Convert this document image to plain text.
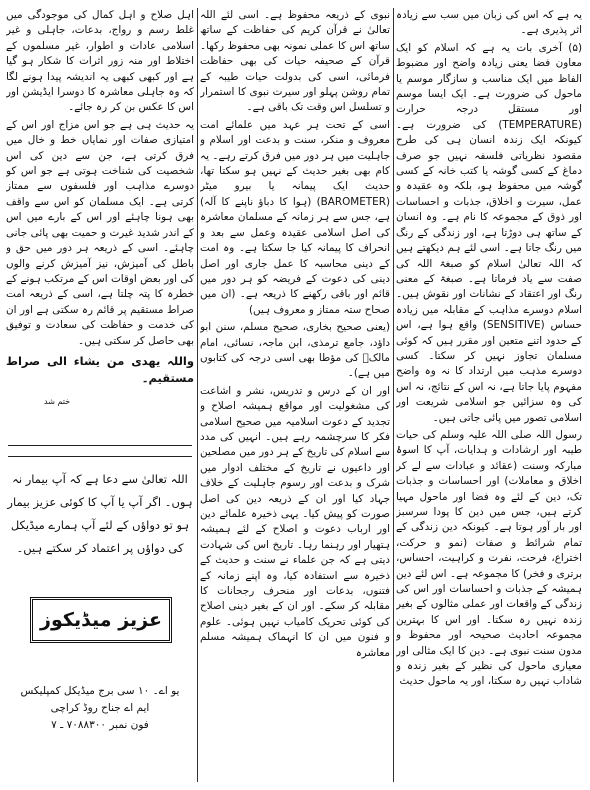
یہ ہے کہ اس کی زبان میں سب سے زیادہ اثر پذیری ہے۔

(۵) آخری بات یہ ہے کہ اسلام کو ایک معاون فضا یعنی زیادہ واضح اور مضبوط الفاظ میں ایک مناسب و سازگار موسم یا ماحول کی ضرورت ہے۔ ایک ایسا موسم اور مستقل درجہ حرارت (TEMPERATURE) کی ضرورت ہے۔ کیونکہ ایک زندہ انسان ہی کی طرح مقصود نظریاتی فلسفہ نہیں جو صرف دماغ کے کسی گوشہ یا کتب خانہ کے کسی گوشہ میں محفوظ ہو، بلکہ وہ عقیدہ و عمل، سیرت و اخلاق، جذبات و احساسات اور ذوق کے مجموعہ کا نام ہے۔ وہ انسان کے ساتھ ہی دوڑتا ہے، اور زندگی کے رنگ میں رنگ جاتا ہے۔ اسی لئے ہم دیکھتے ہیں کہ اللہ تعالیٰ اسلام کو صبغۃ اللہ کی صفت سے یاد فرماتا ہے۔ صبغۃ کے معنی رنگ اور اعتقاد کے نشانات اور نقوش ہیں۔ اسلام دوسرے مذاہب کے مقابلہ میں زیادہ حساس (SENSITIVE) واقع ہوا ہے، اس کے حدود اتنے متعین اور مقرر ہیں کہ کوئی مسلمان تجاوز نہیں کر سکتا۔ کسی دوسرے مذہب میں ارتداد کا نہ وہ واضح مفہوم پایا جاتا ہے، نہ اس کے نتائج، نہ اس کی وہ سزائیں جو اسلامی شریعت اور اسلامی تصور میں پائی جاتی ہیں۔

رسول اللہ صلی اللہ علیہ وسلم کی حیات طیبہ اور ارشادات و ہدایات، آپ کا اسوۂ مبارکہ وسنت (عقائد و عبادات سے لے کر اخلاق و معاملات) اور احساسات و جذبات تک، دین کے لئے وہ فضا اور ماحول مہیا کرتے ہیں، جس میں دین کا پودا سرسبز اور بار آور ہوتا ہے۔ کیونکہ دین زندگی کے تمام شرائط و صفات (نمو و حرکت، اختراع، فرحت، نفرت و کراہیت، احساس، برتری و فخر) کا مجموعہ ہے۔ اس لئے دین ہمیشہ کے جذبات و احساسات اور اس کی زندگی کے واقعات اور عملی مثالوں کے بغیر زندہ نہیں رہ سکتا۔ اور اس کا بہترین مجموعہ احادیث صحیحہ اور محفوظ و مدون سنت نبوی ہے۔ دین کا ایک مثالی اور معیاری ماحول کی نظیر کے بغیر زندہ و شاداب نہیں رہ سکتا، اور یہ ماحول حدیث

نبوی کے ذریعہ محفوظ ہے۔ اسی لئے اللہ تعالیٰ نے قرآن کریم کی حفاظت کے ساتھ ساتھ اس کا عملی نمونہ بھی محفوظ رکھا۔ قرآن کے صحیفہ حیات کی بھی حفاظت فرمائی، اسی کی بدولت حیات طیبہ کے تمام روشن پہلو اور سیرت نبوی کا استمرار و تسلسل اس وقت تک باقی ہے۔

اسی کے تحت ہر عہد میں علمائے امت معروف و منکر، سنت و بدعت اور اسلام و جاہلیت میں ہر دور میں فرق کرتے رہے۔ یہ کام بھی بغیر حدیث کے نہیں ہو سکتا تھا، حدیث ایک پیمانہ یا بیرو میٹر (BAROMETER) (ہوا کا دباؤ ناپنے کا آلہ) ہے، جس سے ہر زمانہ کے مسلمان معاشرہ کی اصل اسلامی عقیدہ وعمل سے بعد و انحراف کا پیمانہ کیا جا سکتا ہے۔ وہ امت کے دینی محاسبہ کا عمل جاری اور اصل دینی کی دعوت کے فریضہ کو ہر دور میں قائم اور باقی رکھنے کا ذریعہ ہے۔ (ان میں صحاح ستہ ممتاز و معروف ہیں)

(یعنی صحیح بخاری، صحیح مسلم، سنن ابو داؤد، جامع ترمذی، ابن ماجہ، نسائی، امام مالکؒ کی مؤطا بھی اسی درجہ کی کتابوں میں ہے)۔

اور ان کے درس و تدریس، نشر و اشاعت کی مشغولیت اور مواقع ہمیشہ اصلاح و تجدید کے دعوت اسلامیہ میں صحیح اسلامی فکر کا سرچشمہ رہے ہیں۔ انہیں کی مدد سے اسلام کی تاریخ کے ہر دور میں مصلحین اور داعیوں نے تاریخ کے مختلف ادوار میں شرک و بدعت اور رسوم جاہلیت کے خلاف جہاد کیا اور ان کے ذریعہ دین کی اصل صورت کو پیش کیا۔ یہی ذخیرہ علمائے دین اور ارباب دعوت و اصلاح کے لئے ہمیشہ ہتھیار اور رہنما رہا۔ تاریخ اس کی شہادت دیتی ہے کہ جن علماء نے سنت و حدیث کے ذخیرہ سے استفادہ کیا، وہ اپنے زمانہ کے فتنوں، بدعات اور منحرف رجحانات کا مقابلہ کر سکے۔ اور ان کے بغیر دینی اصلاح کی کوئی تحریک کامیاب نہیں ہوئی۔ علوم و فنون میں ان کا انہماک ہمیشہ مسلم معاشرہ

اہل صلاح و اہل کمال کی موجودگی میں غلط رسم و رواج، بدعات، جاہلی و غیر اسلامی عادات و اطوار، غیر مسلموں کے اختلاط اور منہ زور اثرات کا شکار ہو گیا ہے اور کبھی کبھی یہ اندیشہ پیدا ہونے لگا کہ وہ جاہلی معاشرہ کا دوسرا ایڈیشن اور اس کا عکس بن کر رہ جائے۔

یہ حدیث ہی ہے جو اس مزاج اور اس کے امتیازی صفات اور نمایاں خط و خال میں فرق کرتی ہے، جن سے دین کی اس شخصیت کی شناخت ہوتی ہے جو اس کو دوسرے مذاہب اور فلسفوں سے ممتاز کرتی ہے۔ ایک مسلمان کو اس سے واقف بھی ہونا چاہئے اور اس کے بارے میں اس کے اندر شدید غیرت و حمیت بھی پائی جانی چاہئے۔ اسی کے ذریعہ ہر دور میں حق و باطل کی آمیزش، نیز آمیزش کرنے والوں کی اور بعض اوقات اس کے مرتکب ہونے کے خطرہ کا پتہ چلتا ہے، اسی کے ذریعہ امت صراط مستقیم پر قائم رہ سکتی ہے اور ان کی خدمت و حفاظت کی سعادت و توفیق بھی حاصل کر سکتی ہیں۔

واللہ یھدی من یشاء الی صراط مستقیم۔

ختم شد
اللہ تعالیٰ سے دعا ہے کہ آپ بیمار نہ ہوں۔ اگر آپ یا آپ کا کوئی عزیز بیمار ہو تو دواؤں کے لئے آپ ہمارے میڈیکل کی دواؤں پر اعتماد کر سکتے ہیں۔
عزیز میڈیکوز
یو اے۔ ۱۰ سی برج میڈیکل کمپلیکس
ایم اے جناح روڈ کراچی
فون نمبر ۷۰۸۸۳۰۰ ـ ۷
